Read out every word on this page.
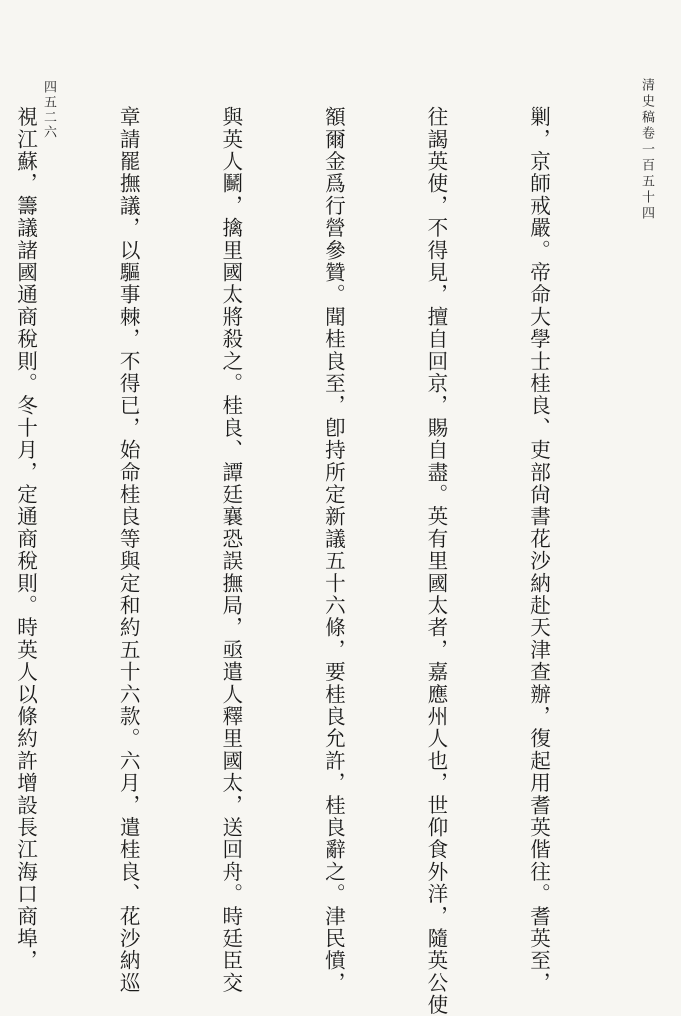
清史稿卷一百五十四
四五二六

	剿，京師戒嚴。帝命大學士桂良、吏部尙書花沙納赴天津查辦，復起用耆英偕往。耆英至，

往謁英使，不得見，擅自回京，賜自盡。英有里國太者，嘉應州人也，世仰食外洋，隨英公使

額爾金爲行營參贊。聞桂良至，卽持所定新議五十六條，要桂良允許，桂良辭之。津民憤，

與英人鬭，擒里國太將殺之。桂良、譚廷襄恐誤撫局，亟遣人釋里國太，送回舟。時廷臣交

章請罷撫議，以驅事棘，不得已，始命桂良等與定和約五十六款。六月，遣桂良、花沙納巡

視江蘇，籌議諸國通商稅則。冬十月，定通商稅則。時英人以條約許增設長江海口商埠，
